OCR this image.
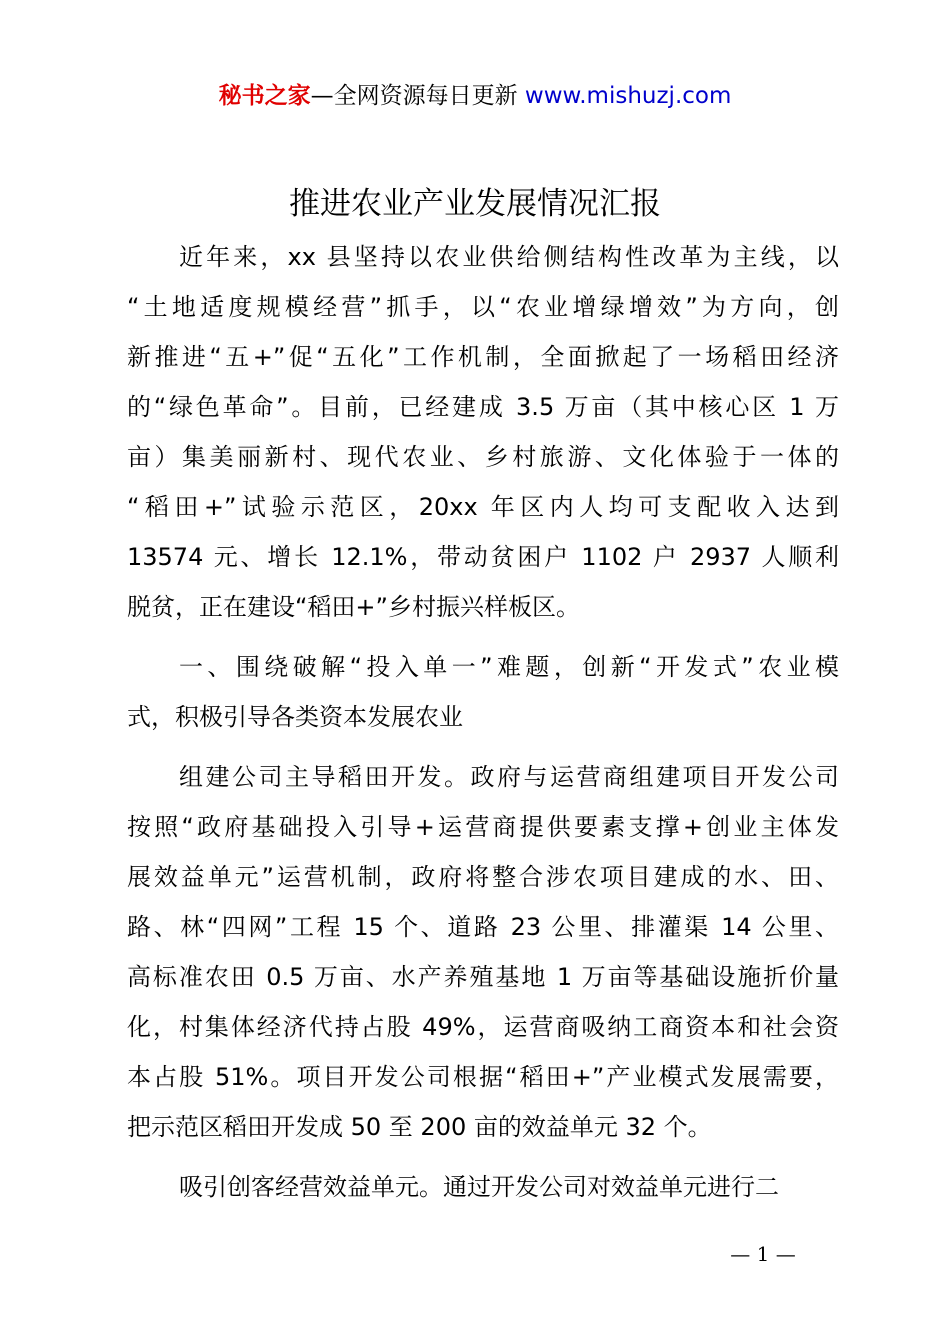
秘书之家—全网资源每日更新 www.mishuzj.com
推进农业产业发展情况汇报
近年来，xx 县坚持以农业供给侧结构性改革为主线，以
“土地适度规模经营”抓手，以“农业增绿增效”为方向，创
新推进“五+”促“五化”工作机制，全面掀起了一场稻田经济
的“绿色革命”。目前，已经建成 3.5 万亩（其中核心区 1 万
亩）集美丽新村、现代农业、乡村旅游、文化体验于一体的
“稻田+”试验示范区，20xx 年区内人均可支配收入达到
13574 元、增长 12.1%，带动贫困户 1102 户 2937 人顺利
脱贫，正在建设“稻田+”乡村振兴样板区。
一、围绕破解“投入单一”难题，创新“开发式”农业模
式，积极引导各类资本发展农业
组建公司主导稻田开发。政府与运营商组建项目开发公司
按照“政府基础投入引导+运营商提供要素支撑+创业主体发
展效益单元”运营机制，政府将整合涉农项目建成的水、田、
路、林“四网”工程 15 个、道路 23 公里、排灌渠 14 公里、
高标准农田 0.5 万亩、水产养殖基地 1 万亩等基础设施折价量
化，村集体经济代持占股 49%，运营商吸纳工商资本和社会资
本占股 51%。项目开发公司根据“稻田+”产业模式发展需要，
把示范区稻田开发成 50 至 200 亩的效益单元 32 个。
吸引创客经营效益单元。通过开发公司对效益单元进行二
— 1 —
